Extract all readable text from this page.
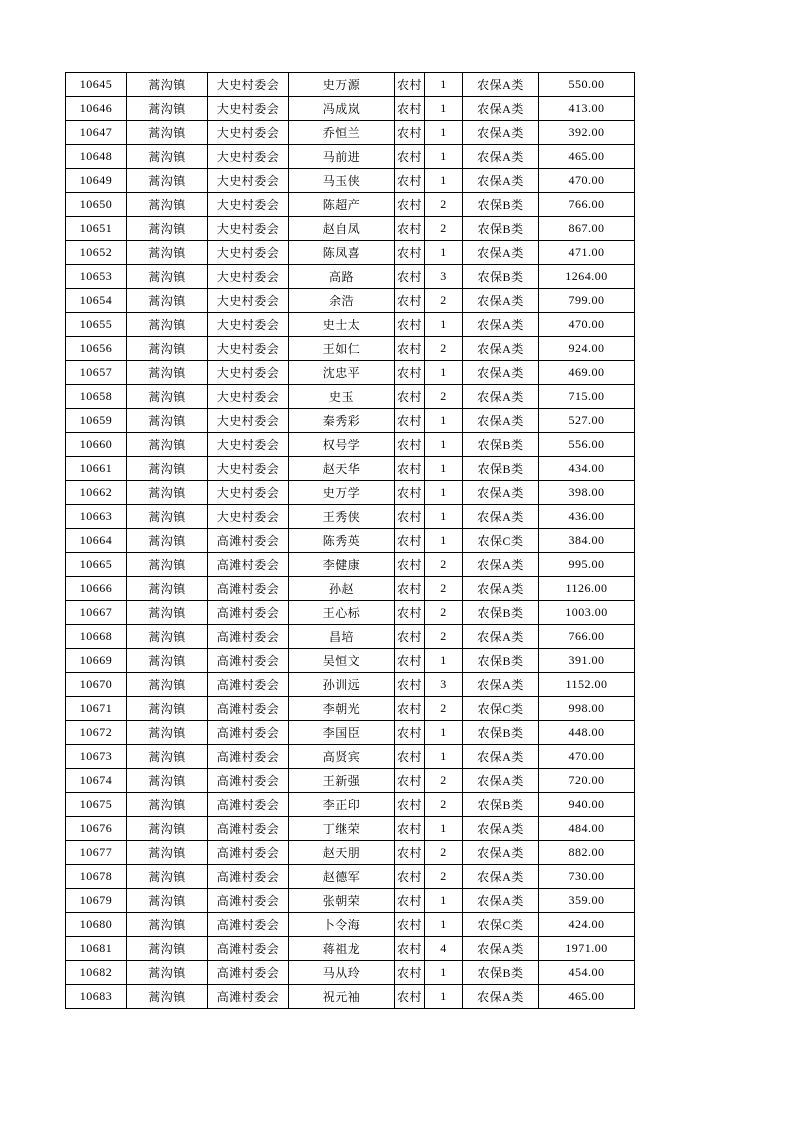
10645	蒿沟镇	大史村委会	史万源	农村	1	农保A类	550.00
10646	蒿沟镇	大史村委会	冯成岚	农村	1	农保A类	413.00
10647	蒿沟镇	大史村委会	乔恒兰	农村	1	农保A类	392.00
10648	蒿沟镇	大史村委会	马前进	农村	1	农保A类	465.00
10649	蒿沟镇	大史村委会	马玉侠	农村	1	农保A类	470.00
10650	蒿沟镇	大史村委会	陈超产	农村	2	农保B类	766.00
10651	蒿沟镇	大史村委会	赵自凤	农村	2	农保B类	867.00
10652	蒿沟镇	大史村委会	陈凤喜	农村	1	农保A类	471.00
10653	蒿沟镇	大史村委会	高路	农村	3	农保B类	1264.00
10654	蒿沟镇	大史村委会	余浩	农村	2	农保A类	799.00
10655	蒿沟镇	大史村委会	史士太	农村	1	农保A类	470.00
10656	蒿沟镇	大史村委会	王如仁	农村	2	农保A类	924.00
10657	蒿沟镇	大史村委会	沈忠平	农村	1	农保A类	469.00
10658	蒿沟镇	大史村委会	史玉	农村	2	农保A类	715.00
10659	蒿沟镇	大史村委会	秦秀彩	农村	1	农保A类	527.00
10660	蒿沟镇	大史村委会	权号学	农村	1	农保B类	556.00
10661	蒿沟镇	大史村委会	赵天华	农村	1	农保B类	434.00
10662	蒿沟镇	大史村委会	史万学	农村	1	农保A类	398.00
10663	蒿沟镇	大史村委会	王秀侠	农村	1	农保A类	436.00
10664	蒿沟镇	高滩村委会	陈秀英	农村	1	农保C类	384.00
10665	蒿沟镇	高滩村委会	李健康	农村	2	农保A类	995.00
10666	蒿沟镇	高滩村委会	孙赵	农村	2	农保A类	1126.00
10667	蒿沟镇	高滩村委会	王心标	农村	2	农保B类	1003.00
10668	蒿沟镇	高滩村委会	昌培	农村	2	农保A类	766.00
10669	蒿沟镇	高滩村委会	吴恒文	农村	1	农保B类	391.00
10670	蒿沟镇	高滩村委会	孙训远	农村	3	农保A类	1152.00
10671	蒿沟镇	高滩村委会	李朝光	农村	2	农保C类	998.00
10672	蒿沟镇	高滩村委会	李国臣	农村	1	农保B类	448.00
10673	蒿沟镇	高滩村委会	高贤宾	农村	1	农保A类	470.00
10674	蒿沟镇	高滩村委会	王新强	农村	2	农保A类	720.00
10675	蒿沟镇	高滩村委会	李正印	农村	2	农保B类	940.00
10676	蒿沟镇	高滩村委会	丁继荣	农村	1	农保A类	484.00
10677	蒿沟镇	高滩村委会	赵天朋	农村	2	农保A类	882.00
10678	蒿沟镇	高滩村委会	赵德军	农村	2	农保A类	730.00
10679	蒿沟镇	高滩村委会	张朝荣	农村	1	农保A类	359.00
10680	蒿沟镇	高滩村委会	卜令海	农村	1	农保C类	424.00
10681	蒿沟镇	高滩村委会	蒋祖龙	农村	4	农保A类	1971.00
10682	蒿沟镇	高滩村委会	马从玲	农村	1	农保B类	454.00
10683	蒿沟镇	高滩村委会	祝元袖	农村	1	农保A类	465.00
